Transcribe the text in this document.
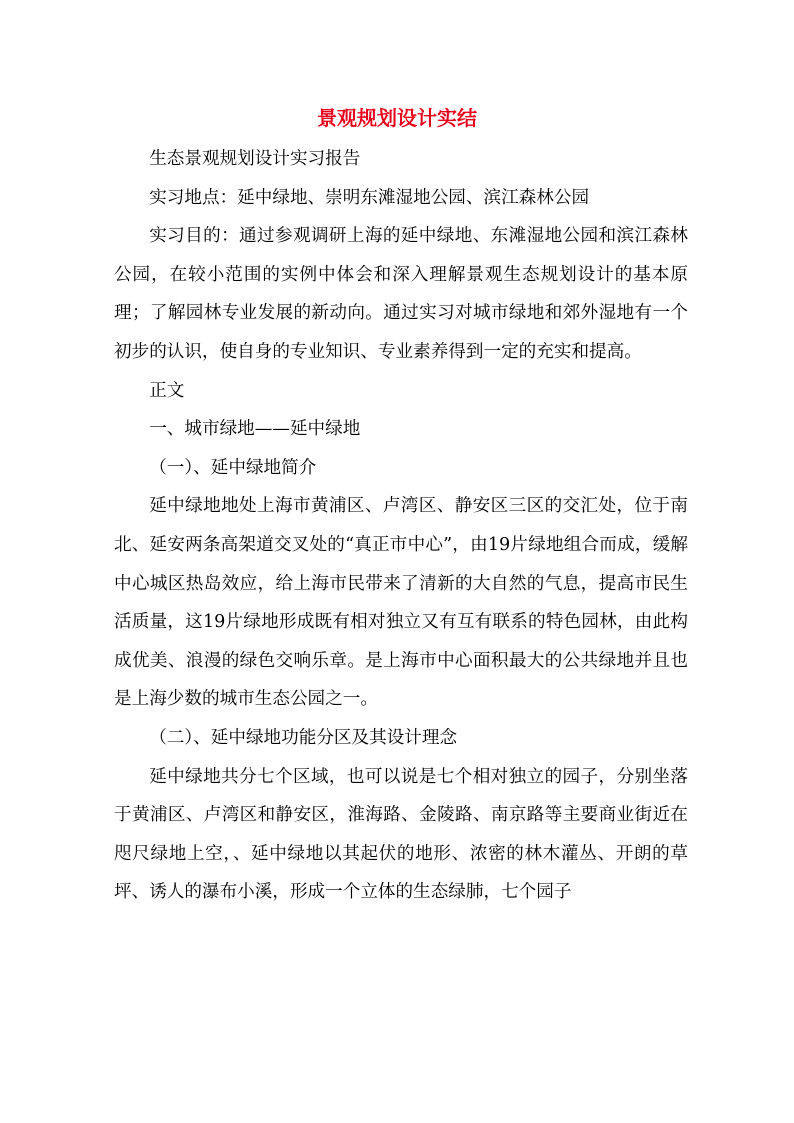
景观规划设计实结

生态景观规划设计实习报告

实习地点：延中绿地、崇明东滩湿地公园、滨江森林公园

实习目的：通过参观调研上海的延中绿地、东滩湿地公园和滨江森林公园，在较小范围的实例中体会和深入理解景观生态规划设计的基本原理；了解园林专业发展的新动向。通过实习对城市绿地和郊外湿地有一个初步的认识，使自身的专业知识、专业素养得到一定的充实和提高。

正文

一、城市绿地——延中绿地

（一）、延中绿地简介

延中绿地地处上海市黄浦区、卢湾区、静安区三区的交汇处，位于南北、延安两条高架道交叉处的“真正市中心”，由19片绿地组合而成，缓解中心城区热岛效应，给上海市民带来了清新的大自然的气息，提高市民生活质量，这19片绿地形成既有相对独立又有互有联系的特色园林，由此构成优美、浪漫的绿色交响乐章。是上海市中心面积最大的公共绿地并且也是上海少数的城市生态公园之一。

（二）、延中绿地功能分区及其设计理念

延中绿地共分七个区域，也可以说是七个相对独立的园子，分别坐落于黄浦区、卢湾区和静安区，淮海路、金陵路、南京路等主要商业街近在咫尺绿地上空，、延中绿地以其起伏的地形、浓密的林木灌丛、开朗的草坪、诱人的瀑布小溪，形成一个立体的生态绿肺，七个园子
